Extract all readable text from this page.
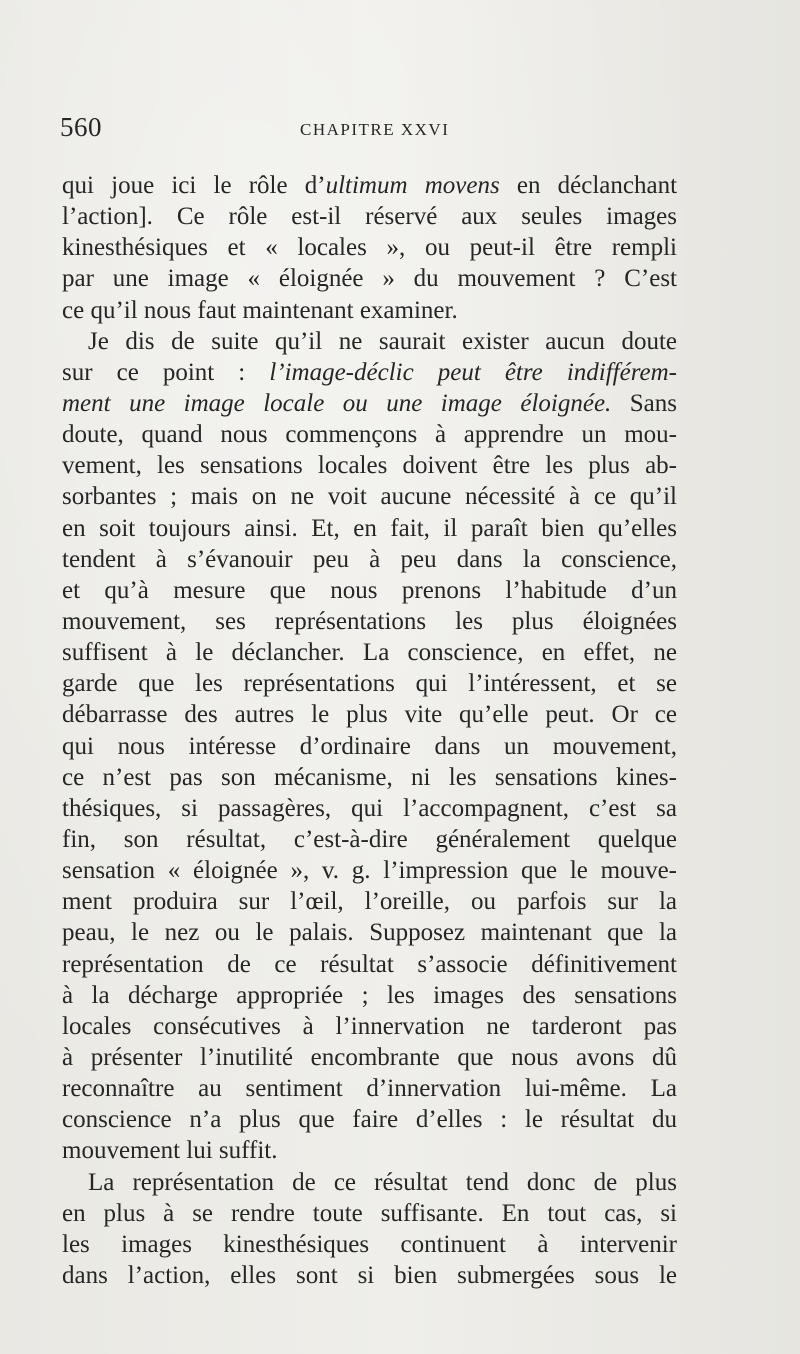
560	CHAPITRE XXVI
qui joue ici le rôle d’ultimum movens en déclanchant
l’action]. Ce rôle est-il réservé aux seules images
kinesthésiques et « locales », ou peut-il être rempli
par une image « éloignée » du mouvement ? C’est
ce qu’il nous faut maintenant examiner.
Je dis de suite qu’il ne saurait exister aucun doute
sur ce point : l’image-déclic peut être indifférem-
ment une image locale ou une image éloignée. Sans
doute, quand nous commençons à apprendre un mou-
vement, les sensations locales doivent être les plus ab-
sorbantes ; mais on ne voit aucune nécessité à ce qu’il
en soit toujours ainsi. Et, en fait, il paraît bien qu’elles
tendent à s’évanouir peu à peu dans la conscience,
et qu’à mesure que nous prenons l’habitude d’un
mouvement, ses représentations les plus éloignées
suffisent à le déclancher. La conscience, en effet, ne
garde que les représentations qui l’intéressent, et se
débarrasse des autres le plus vite qu’elle peut. Or ce
qui nous intéresse d’ordinaire dans un mouvement,
ce n’est pas son mécanisme, ni les sensations kines-
thésiques, si passagères, qui l’accompagnent, c’est sa
fin, son résultat, c’est-à-dire généralement quelque
sensation « éloignée », v. g. l’impression que le mouve-
ment produira sur l’œil, l’oreille, ou parfois sur la
peau, le nez ou le palais. Supposez maintenant que la
représentation de ce résultat s’associe définitivement
à la décharge appropriée ; les images des sensations
locales consécutives à l’innervation ne tarderont pas
à présenter l’inutilité encombrante que nous avons dû
reconnaître au sentiment d’innervation lui-même. La
conscience n’a plus que faire d’elles : le résultat du
mouvement lui suffit.
La représentation de ce résultat tend donc de plus
en plus à se rendre toute suffisante. En tout cas, si
les images kinesthésiques continuent à intervenir
dans l’action, elles sont si bien submergées sous le
